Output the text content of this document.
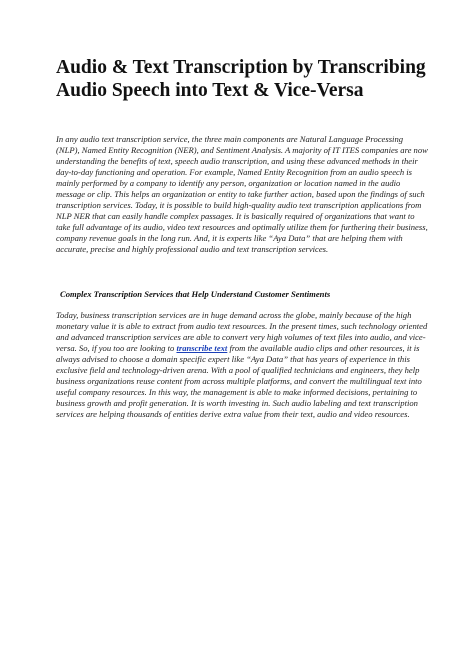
Audio & Text Transcription by Transcribing Audio Speech into Text & Vice-Versa

In any audio text transcription service, the three main components are Natural Language Processing (NLP), Named Entity Recognition (NER), and Sentiment Analysis. A majority of IT ITES companies are now understanding the benefits of text, speech audio transcription, and using these advanced methods in their day-to-day functioning and operation. For example, Named Entity Recognition from an audio speech is mainly performed by a company to identify any person, organization or location named in the audio message or clip. This helps an organization or entity to take further action, based upon the findings of such transcription services. Today, it is possible to build high-quality audio text transcription applications from NLP NER that can easily handle complex passages. It is basically required of organizations that want to take full advantage of its audio, video text resources and optimally utilize them for furthering their business, company revenue goals in the long run. And, it is experts like “Aya Data” that are helping them with accurate, precise and highly professional audio and text transcription services.

Complex Transcription Services that Help Understand Customer Sentiments

Today, business transcription services are in huge demand across the globe, mainly because of the high monetary value it is able to extract from audio text resources. In the present times, such technology oriented and advanced transcription services are able to convert very high volumes of text files into audio, and vice-versa. So, if you too are looking to transcribe text from the available audio clips and other resources, it is always advised to choose a domain specific expert like “Aya Data” that has years of experience in this exclusive field and technology-driven arena. With a pool of qualified technicians and engineers, they help business organizations reuse content from across multiple platforms, and convert the multilingual text into useful company resources. In this way, the management is able to make informed decisions, pertaining to business growth and profit generation. It is worth investing in. Such audio labeling and text transcription services are helping thousands of entities derive extra value from their text, audio and video resources.
